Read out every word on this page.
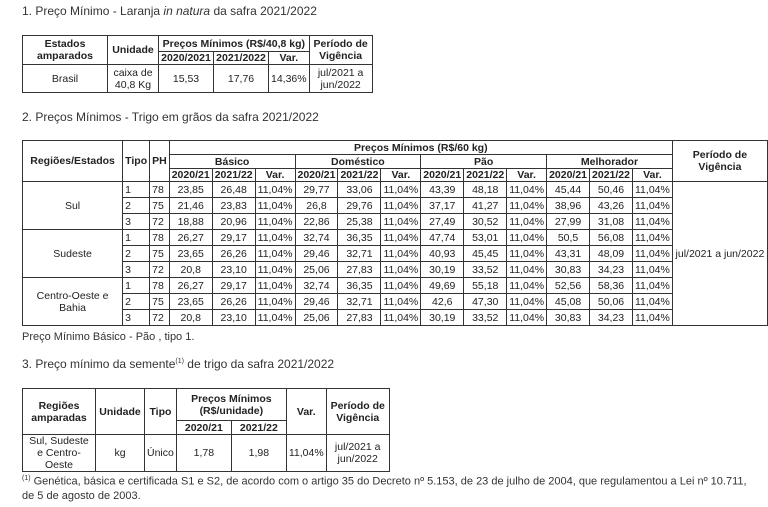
1. Preço Mínimo - Laranja in natura da safra 2021/2022
Estados amparados	Unidade	Preços Mínimos (R$/40,8 kg)			Período de Vigência
		2020/2021	2021/2022	Var.	
Brasil	caixa de 40,8 Kg	15,53	17,76	14,36%	jul/2021 a jun/2022
2. Preços Mínimos - Trigo em grãos da safra 2021/2022
Regiões/Estados	Tipo	PH	Preços Mínimos (R$/60 kg)												Período de Vigência
			Básico			Doméstico			Pão			Melhorador			
			2020/21	2021/22	Var.	2020/21	2021/22	Var.	2020/21	2021/22	Var.	2020/21	2021/22	Var.	
Sul	1	78	23,85	26,48	11,04%	29,77	33,06	11,04%	43,39	48,18	11,04%	45,44	50,46	11,04%	jul/2021 a jun/2022
	2	75	21,46	23,83	11,04%	26,8	29,76	11,04%	37,17	41,27	11,04%	38,96	43,26	11,04%	
	3	72	18,88	20,96	11,04%	22,86	25,38	11,04%	27,49	30,52	11,04%	27,99	31,08	11,04%	
Sudeste	1	78	26,27	29,17	11,04%	32,74	36,35	11,04%	47,74	53,01	11,04%	50,5	56,08	11,04%	
	2	75	23,65	26,26	11,04%	29,46	32,71	11,04%	40,93	45,45	11,04%	43,31	48,09	11,04%	
	3	72	20,8	23,10	11,04%	25,06	27,83	11,04%	30,19	33,52	11,04%	30,83	34,23	11,04%	
Centro-Oeste e Bahia	1	78	26,27	29,17	11,04%	32,74	36,35	11,04%	49,69	55,18	11,04%	52,56	58,36	11,04%	
	2	75	23,65	26,26	11,04%	29,46	32,71	11,04%	42,6	47,30	11,04%	45,08	50,06	11,04%	
	3	72	20,8	23,10	11,04%	25,06	27,83	11,04%	30,19	33,52	11,04%	30,83	34,23	11,04%	
Preço Mínimo Básico - Pão , tipo 1.
3. Preço mínimo da semente$^{(1)}$ de trigo da safra 2021/2022
Regiões amparadas	Unidade	Tipo	Preços Mínimos (R$/unidade)		Var.	Período de Vigência
			2020/21	2021/22		
Sul, Sudeste e Centro-Oeste	kg	Único	1,78	1,98	11,04%	jul/2021 a jun/2022
$^{(1)}$ Genética, básica e certificada S1 e S2, de acordo com o artigo 35 do Decreto nº 5.153, de 23 de julho de 2004, que regulamentou a Lei nº 10.711, de 5 de agosto de 2003.
